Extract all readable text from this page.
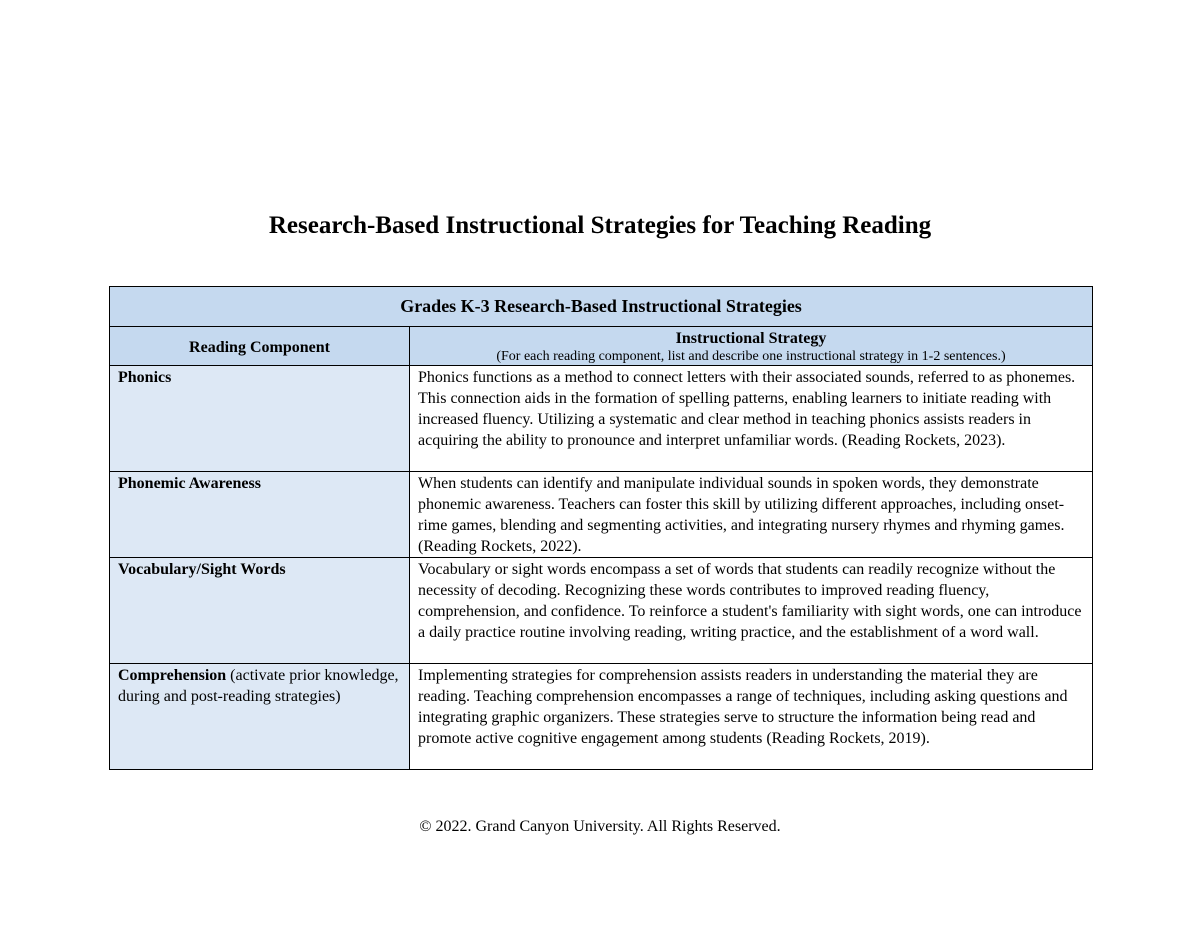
Research-Based Instructional Strategies for Teaching Reading
Grades K-3 Research-Based Instructional Strategies	
Reading Component	Instructional Strategy
(For each reading component, list and describe one instructional strategy in 1-2 sentences.)

Phonics	Phonics functions as a method to connect letters with their associated sounds, referred to as phonemes. This connection aids in the formation of spelling patterns, enabling learners to initiate reading with increased fluency. Utilizing a systematic and clear method in teaching phonics assists readers in acquiring the ability to pronounce and interpret unfamiliar words. (Reading Rockets, 2023).
Phonemic Awareness	When students can identify and manipulate individual sounds in spoken words, they demonstrate phonemic awareness. Teachers can foster this skill by utilizing different approaches, including onset-rime games, blending and segmenting activities, and integrating nursery rhymes and rhyming games. (Reading Rockets, 2022).
Vocabulary/Sight Words	Vocabulary or sight words encompass a set of words that students can readily recognize without the necessity of decoding. Recognizing these words contributes to improved reading fluency, comprehension, and confidence. To reinforce a student's familiarity with sight words, one can introduce a daily practice routine involving reading, writing practice, and the establishment of a word wall.
Comprehension (activate prior knowledge, during and post-reading strategies)	Implementing strategies for comprehension assists readers in understanding the material they are reading. Teaching comprehension encompasses a range of techniques, including asking questions and integrating graphic organizers. These strategies serve to structure the information being read and promote active cognitive engagement among students (Reading Rockets, 2019).
© 2022. Grand Canyon University. All Rights Reserved.
